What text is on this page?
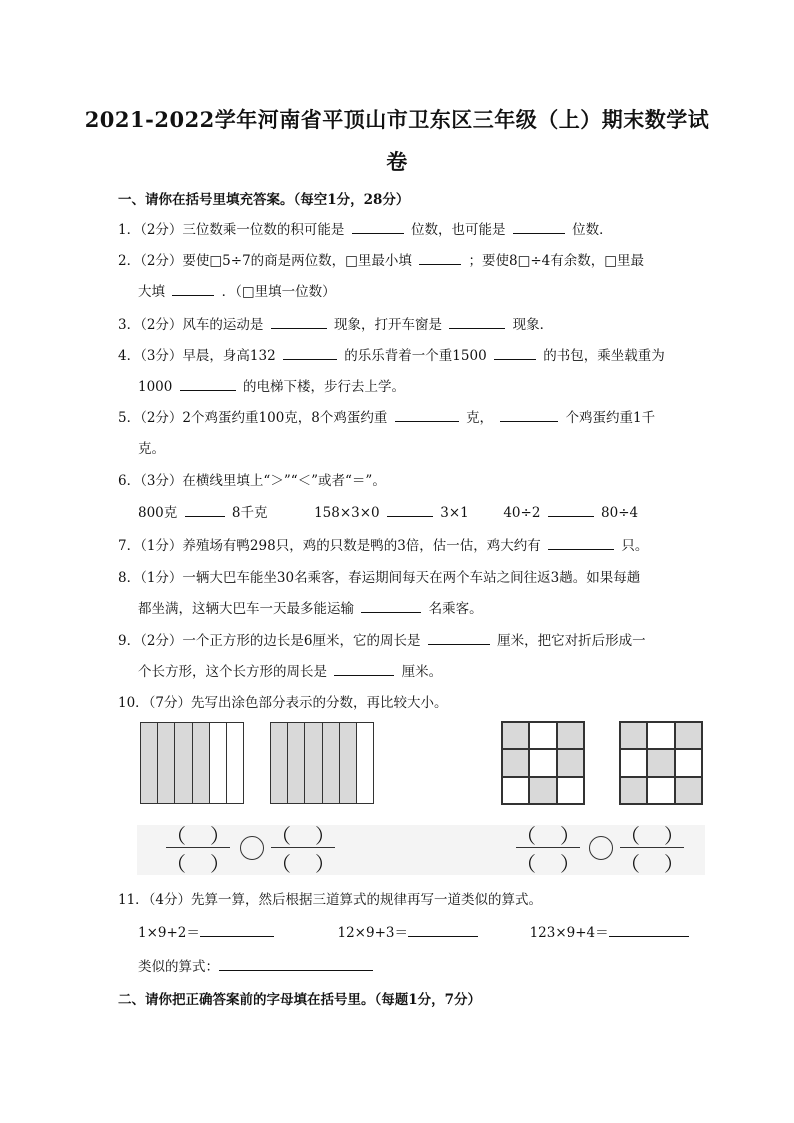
2021-2022学年河南省平顶山市卫东区三年级（上）期末数学试
卷
一、请你在括号里填充答案。（每空1分，28分）
1．（2分）三位数乘一位数的积可能是	位数，也可能是	位数．
2．（2分）要使□5÷7的商是两位数，□里最小填	；要使8□÷4有余数，□里最
大填	．（□里填一位数）
3．（2分）风车的运动是	现象，打开车窗是	现象．
4．（3分）早晨，身高132	的乐乐背着一个重1500	的书包，乘坐载重为
1000	的电梯下楼，步行去上学。
5．（2分）2个鸡蛋约重100克，8个鸡蛋约重	克，	个鸡蛋约重1千
克。
6．（3分）在横线里填上“＞”“＜”或者“＝”。
800克	8千克	158×3×0	3×1	40÷2	80÷4
7．（1分）养殖场有鸭298只，鸡的只数是鸭的3倍，估一估，鸡大约有	只。
8．（1分）一辆大巴车能坐30名乘客，春运期间每天在两个车站之间往返3趟。如果每趟
都坐满，这辆大巴车一天最多能运输	名乘客。
9．（2分）一个正方形的边长是6厘米，它的周长是	厘米，把它对折后形成一
个长方形，这个长方形的周长是	厘米。
10．（7分）先写出涂色部分表示的分数，再比较大小。
（ ）
（ ）
（ ）
（ ）
（ ）
（ ）
（ ）
（ ）
11．（4分）先算一算，然后根据三道算式的规律再写一道类似的算式。
1×9+2＝	12×9+3＝	123×9+4＝
类似的算式：
二、请你把正确答案前的字母填在括号里。（每题1分，7分）
